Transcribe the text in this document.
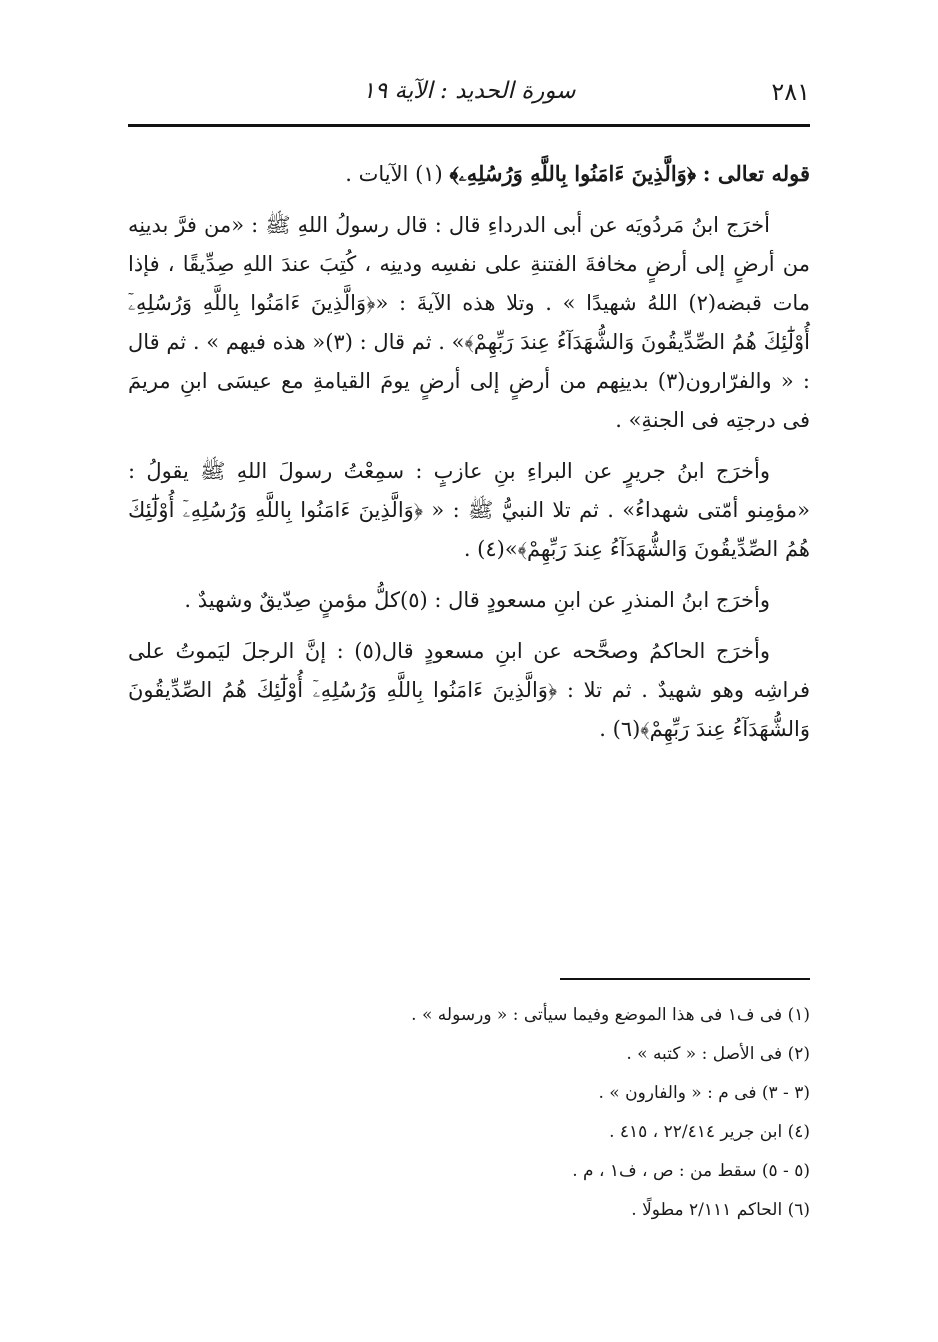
٢٨١
سورة الحديد : الآية ١٩

قوله تعالى : ﴿وَالَّذِينَ ءَامَنُوا بِاللَّهِ وَرُسُلِهِۦ﴾ (١) الآيات .

أخرَج ابنُ مَردُويَه عن أبى الدرداءِ قال : قال رسولُ اللهِ ﷺ : «من فرَّ بدينِه من أرضٍ إلى أرضٍ مخافةَ الفتنةِ على نفسِه ودينِه ، كُتِبَ عندَ اللهِ صِدِّيقًا ، فإذا مات قبضه(٢) اللهُ شهيدًا » . وتلا هذه الآيةَ : «﴿وَالَّذِينَ ءَامَنُوا بِاللَّهِ وَرُسُلِهِۦٓ أُوْلَٰٓئِكَ هُمُ الصِّدِّيقُونَ وَالشُّهَدَآءُ عِندَ رَبِّهِمْ﴾» . ثم قال : (٣)« هذه فيهم » . ثم قال : « والفرّارون(٣) بدينِهم من أرضٍ إلى أرضٍ يومَ القيامةِ مع عيسَى ابنِ مريمَ فى درجتِه فى الجنةِ» .

وأخرَج ابنُ جريرٍ عن البراءِ بنِ عازبٍ : سمِعْتُ رسولَ اللهِ ﷺ يقولُ : «مؤمِنو أمّتى شهداءُ» . ثم تلا النبيُّ ﷺ : « ﴿وَالَّذِينَ ءَامَنُوا بِاللَّهِ وَرُسُلِهِۦٓ أُوْلَٰٓئِكَ هُمُ الصِّدِّيقُونَ وَالشُّهَدَآءُ عِندَ رَبِّهِمْ﴾»(٤) .

وأخرَج ابنُ المنذرِ عن ابنِ مسعودٍ قال : (٥)كلُّ مؤمنٍ صِدّيقٌ وشهيدٌ .

وأخرَج الحاكمُ وصحَّحه عن ابنِ مسعودٍ قال(٥) : إنَّ الرجلَ ليَموتُ على فراشِه وهو شهيدٌ . ثم تلا : ﴿وَالَّذِينَ ءَامَنُوا بِاللَّهِ وَرُسُلِهِۦٓ أُوْلَٰٓئِكَ هُمُ الصِّدِّيقُونَ وَالشُّهَدَآءُ عِندَ رَبِّهِمْ﴾(٦) .

(١) فى ف١ فى هذا الموضع وفيما سيأتى : « ورسوله » .
(٢) فى الأصل : « كتبه » .
(٣ - ٣) فى م : « والفارون » .
(٤) ابن جرير ٢٢/٤١٤ ، ٤١٥ .
(٥ - ٥) سقط من : ص ، ف١ ، م .
(٦) الحاكم ٢/١١١ مطولًا .
